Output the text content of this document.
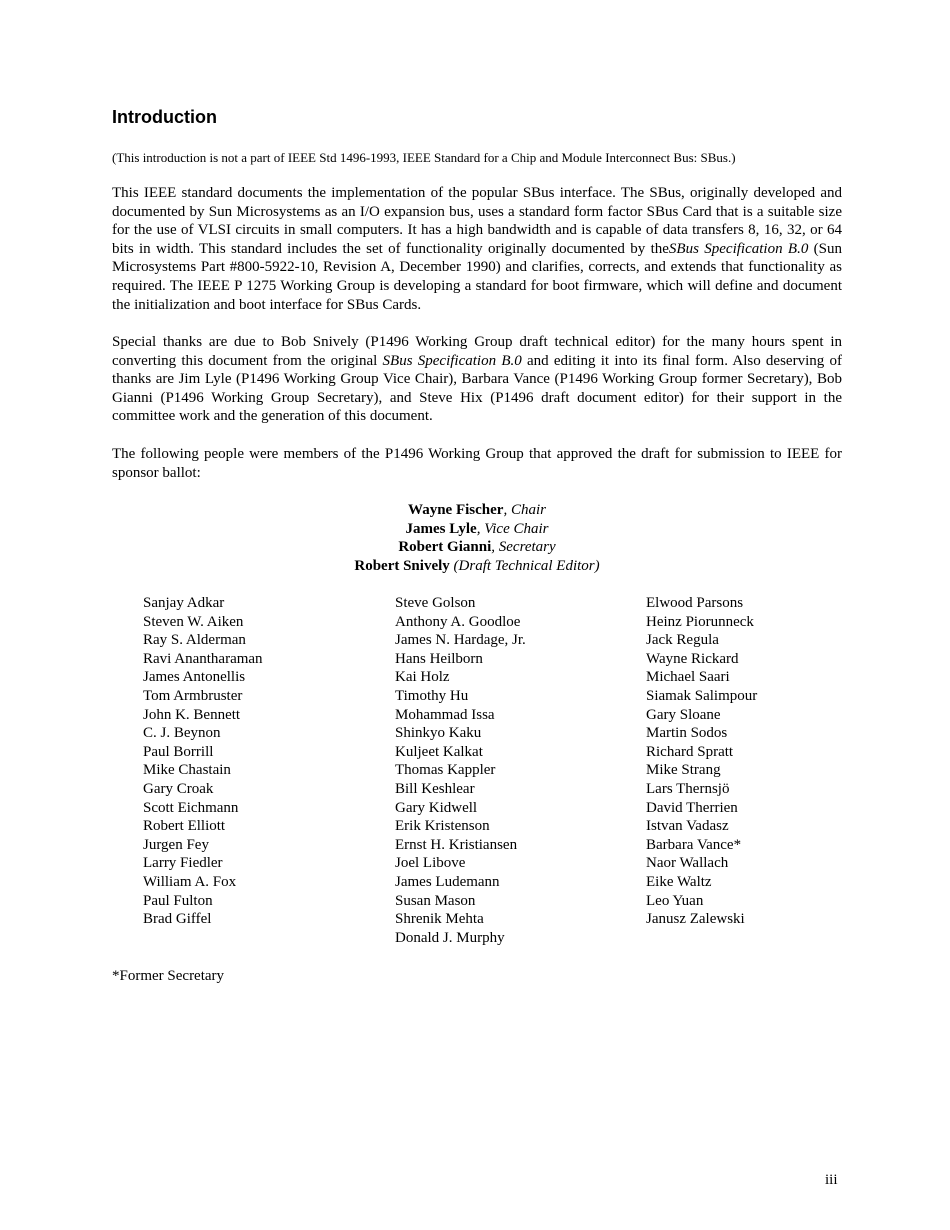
Introduction
(This introduction is not a part of IEEE Std 1496-1993, IEEE Standard for a Chip and Module Interconnect Bus: SBus.)

This IEEE standard documents the implementation of the popular SBus interface. The SBus, originally developed and documented by Sun Microsystems as an I/O expansion bus, uses a standard form factor SBus Card that is a suitable size for the use of VLSI circuits in small computers. It has a high bandwidth and is capable of data transfers 8, 16, 32, or 64 bits in width. This standard includes the set of functionality originally documented by theSBus Specification B.0 (Sun Microsystems Part #800-5922-10, Revision A, December 1990) and clarifies, corrects, and extends that functionality as required. The IEEE P 1275 Working Group is developing a standard for boot firmware, which will define and document the initialization and boot interface for SBus Cards.

Special thanks are due to Bob Snively (P1496 Working Group draft technical editor) for the many hours spent in converting this document from the original SBus Specification B.0 and editing it into its final form. Also deserving of thanks are Jim Lyle (P1496 Working Group Vice Chair), Barbara Vance (P1496 Working Group former Secretary), Bob Gianni (P1496 Working Group Secretary), and Steve Hix (P1496 draft document editor) for their support in the committee work and the generation of this document.

The following people were members of the P1496 Working Group that approved the draft for submission to IEEE for sponsor ballot:

Wayne Fischer, Chair
James Lyle, Vice Chair
Robert Gianni, Secretary
Robert Snively (Draft Technical Editor)
Sanjay Adkar
Steven W. Aiken
Ray S. Alderman
Ravi Anantharaman
James Antonellis
Tom Armbruster
John K. Bennett
C. J. Beynon
Paul Borrill
Mike Chastain
Gary Croak
Scott Eichmann
Robert Elliott
Jurgen Fey
Larry Fiedler
William A. Fox
Paul Fulton
Brad Giffel
Steve Golson
Anthony A. Goodloe
James N. Hardage, Jr.
Hans Heilborn
Kai Holz
Timothy Hu
Mohammad Issa
Shinkyo Kaku
Kuljeet Kalkat
Thomas Kappler
Bill Keshlear
Gary Kidwell
Erik Kristenson
Ernst H. Kristiansen
Joel Libove
James Ludemann
Susan Mason
Shrenik Mehta
Donald J. Murphy
Elwood Parsons
Heinz Piorunneck
Jack Regula
Wayne Rickard
Michael Saari
Siamak Salimpour
Gary Sloane
Martin Sodos
Richard Spratt
Mike Strang
Lars Thernsjö
David Therrien
Istvan Vadasz
Barbara Vance*
Naor Wallach
Eike Waltz
Leo Yuan
Janusz Zalewski
*Former Secretary
iii
